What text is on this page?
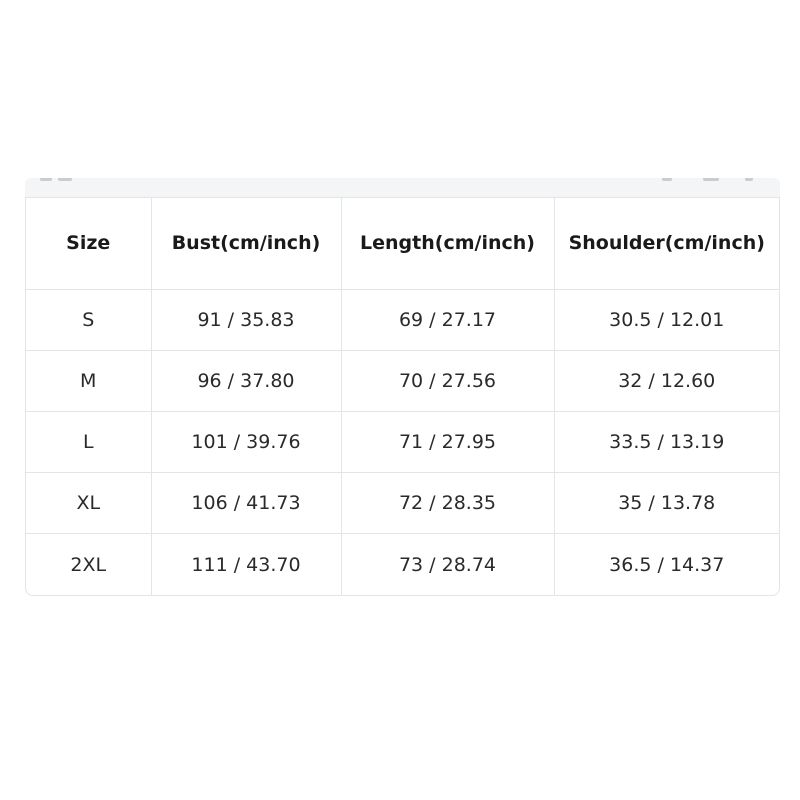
Size	Bust(cm/inch)	Length(cm/inch)	Shoulder(cm/inch)
S	91 / 35.83	69 / 27.17	30.5 / 12.01
M	96 / 37.80	70 / 27.56	32 / 12.60
L	101 / 39.76	71 / 27.95	33.5 / 13.19
XL	106 / 41.73	72 / 28.35	35 / 13.78
2XL	111 / 43.70	73 / 28.74	36.5 / 14.37
